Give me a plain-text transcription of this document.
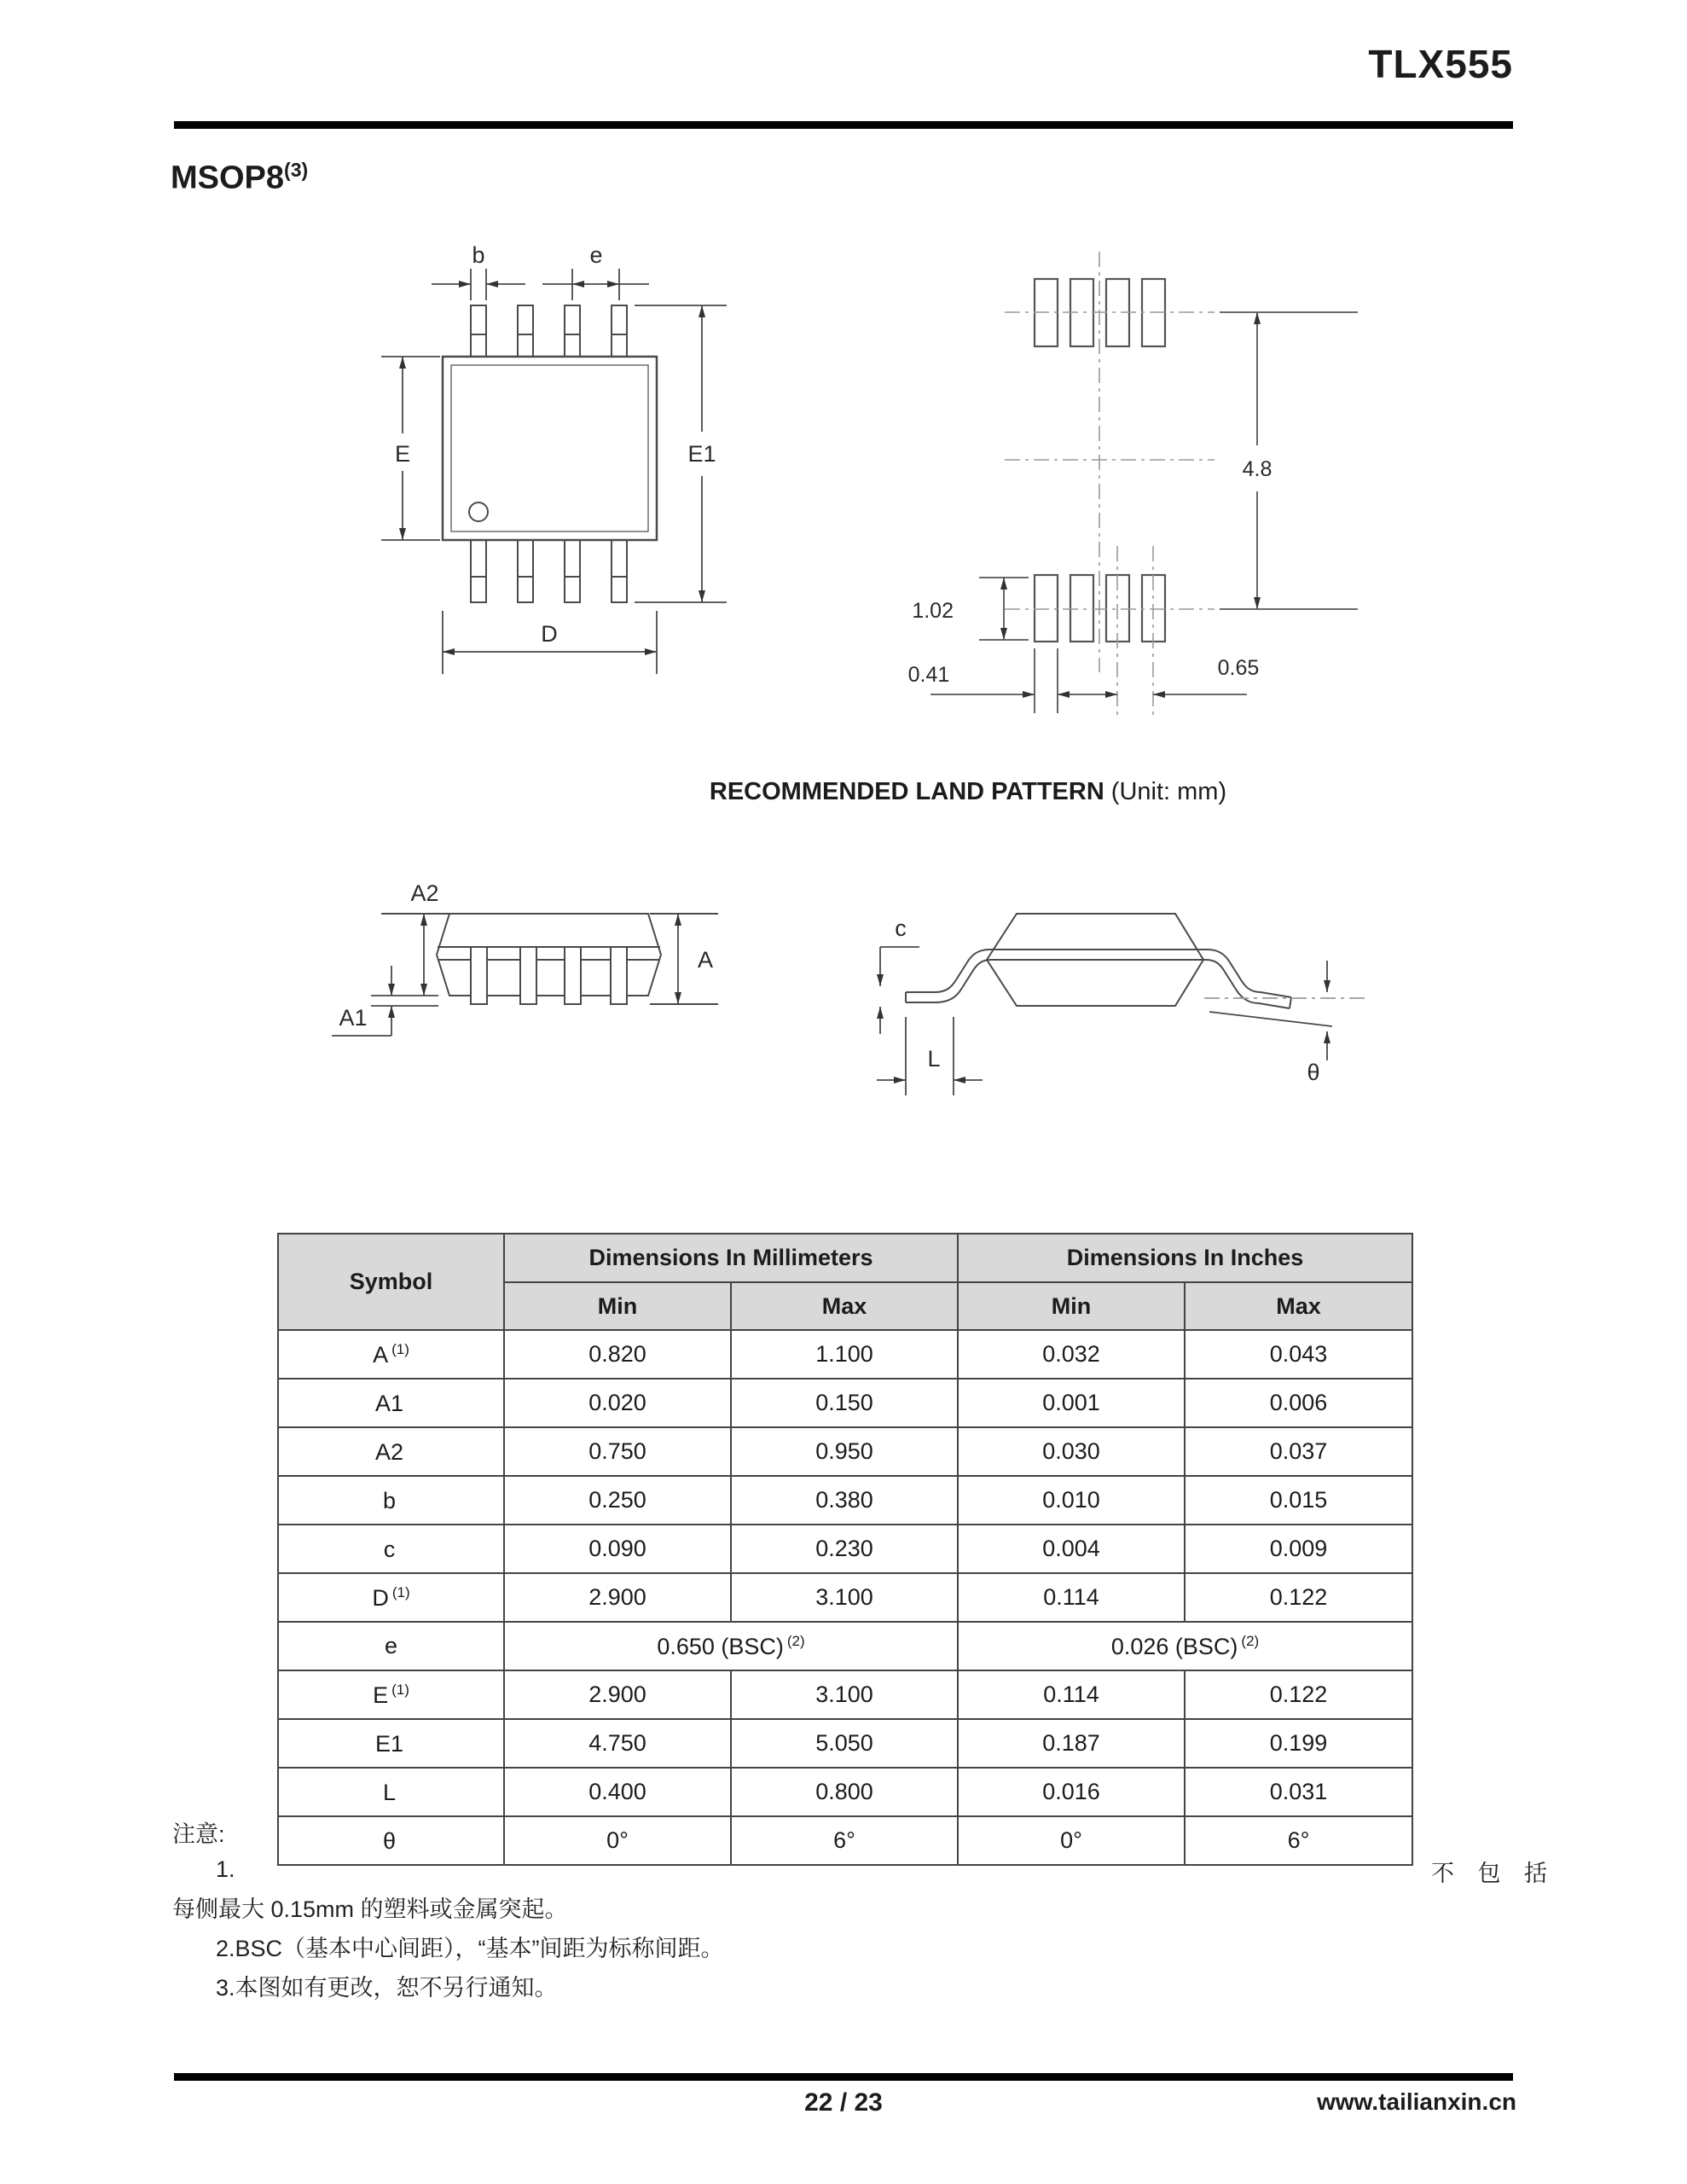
TLX555
MSOP8$^{(3)}$
b	e
E	E1
D
4.8
1.02
0.41	0.65
A2
A
A1
c
L
θ
RECOMMENDED LAND PATTERN (Unit: mm)
Symbol	Dimensions In Millimeters		Dimensions In Inches	
	Min	Max	Min	Max
A $^{(1)}$	0.820	1.100	0.032	0.043
A1	0.020	0.150	0.001	0.006
A2	0.750	0.950	0.030	0.037
b	0.250	0.380	0.010	0.015
c	0.090	0.230	0.004	0.009
D $^{(1)}$	2.900	3.100	0.114	0.122
e	0.650 (BSC) $^{(2)}$		0.026 (BSC) $^{(2)}$
E $^{(1)}$	2.900	3.100	0.114	0.122
E1	4.750	5.050	0.187	0.199
L	0.400	0.800	0.016	0.031
θ	0°	6°	0°	6°
注意:
1.	不 包 括
每侧最大 0.15mm 的塑料或金属突起。
2.BSC（基本中心间距），“基本”间距为标称间距。
3.本图如有更改，恕不另行通知。
22 / 23	www.tailianxin.cn
